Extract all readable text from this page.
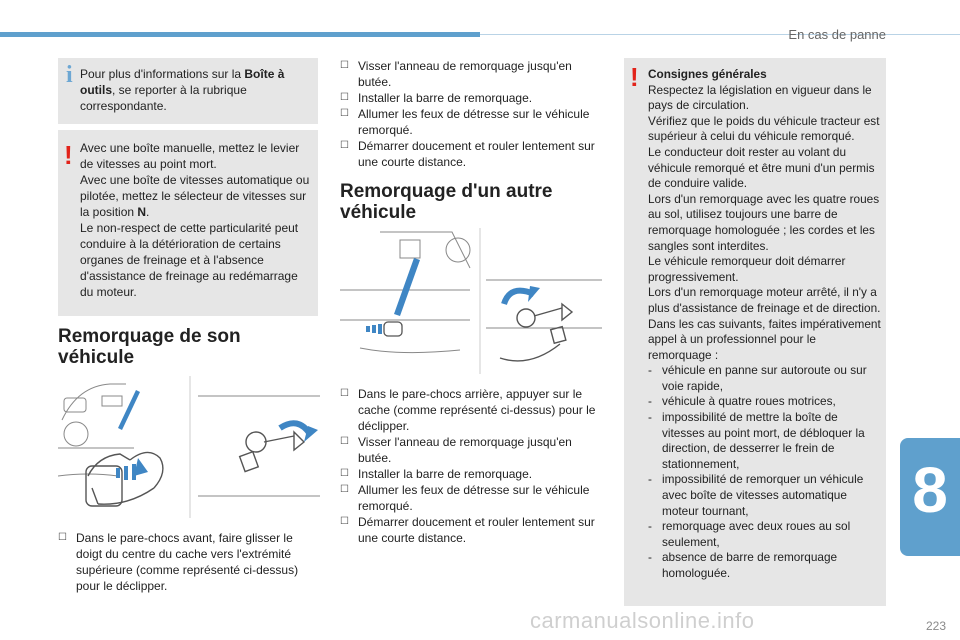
En cas de panne
i Pour plus d'informations sur la Boîte à outils, se reporter à la rubrique correspondante.
! Avec une boîte manuelle, mettez le levier de vitesses au point mort.
Avec une boîte de vitesses automatique ou pilotée, mettez le sélecteur de vitesses sur la position N.
Le non-respect de cette particularité peut conduire à la détérioration de certains organes de freinage et à l'absence d'assistance de freinage au redémarrage du moteur.
Remorquage de son véhicule
☐ Dans le pare-chocs avant, faire glisser le doigt du centre du cache vers l'extrémité supérieure (comme représenté ci-dessus) pour le déclipper.
☐ Visser l'anneau de remorquage jusqu'en butée.
☐ Installer la barre de remorquage.
☐ Allumer les feux de détresse sur le véhicule remorqué.
☐ Démarrer doucement et rouler lentement sur une courte distance.
Remorquage d'un autre véhicule
☐ Dans le pare-chocs arrière, appuyer sur le cache (comme représenté ci-dessus) pour le déclipper.
☐ Visser l'anneau de remorquage jusqu'en butée.
☐ Installer la barre de remorquage.
☐ Allumer les feux de détresse sur le véhicule remorqué.
☐ Démarrer doucement et rouler lentement sur une courte distance.
! Consignes générales
Respectez la législation en vigueur dans le pays de circulation.
Vérifiez que le poids du véhicule tracteur est supérieur à celui du véhicule remorqué.
Le conducteur doit rester au volant du véhicule remorqué et être muni d'un permis de conduire valide.
Lors d'un remorquage avec les quatre roues au sol, utilisez toujours une barre de remorquage homologuée ; les cordes et les sangles sont interdites.
Le véhicule remorqueur doit démarrer progressivement.
Lors d'un remorquage moteur arrêté, il n'y a plus d'assistance de freinage et de direction.
Dans les cas suivants, faites impérativement appel à un professionnel pour le remorquage :
- véhicule en panne sur autoroute ou sur voie rapide,
- véhicule à quatre roues motrices,
- impossibilité de mettre la boîte de vitesses au point mort, de débloquer la direction, de desserrer le frein de stationnement,
- impossibilité de remorquer un véhicule avec boîte de vitesses automatique moteur tournant,
- remorquage avec deux roues au sol seulement,
- absence de barre de remorquage homologuée.
8
carmanualsonline.info	223
